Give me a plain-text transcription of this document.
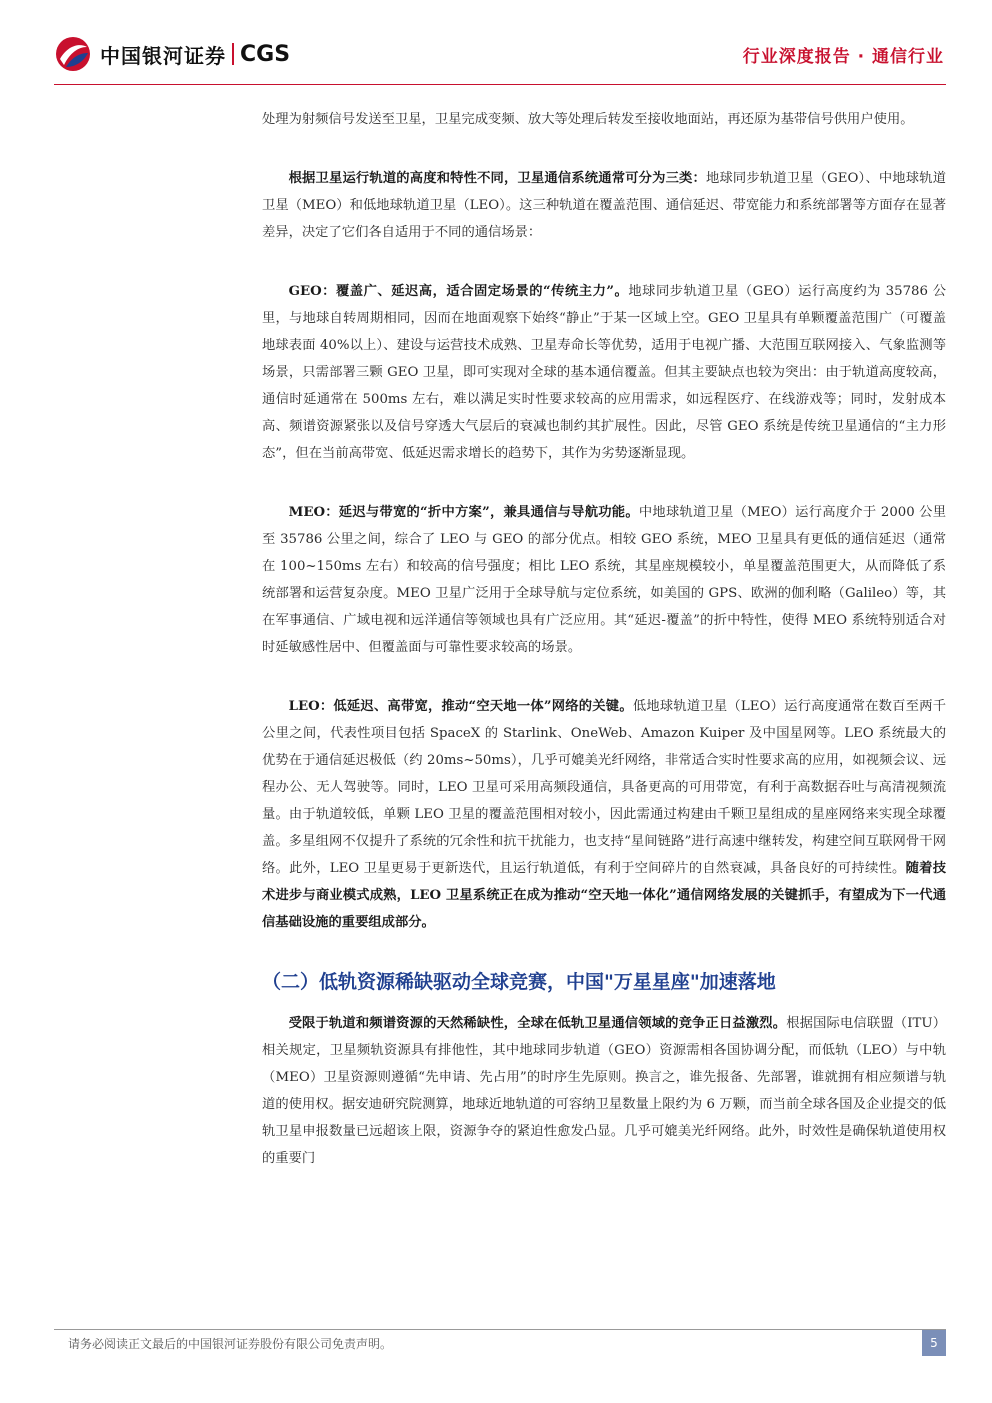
中国银河证券 CGS	行业深度报告 · 通信行业

处理为射频信号发送至卫星，卫星完成变频、放大等处理后转发至接收地面站，再还原为基带信号供用户使用。

根据卫星运行轨道的高度和特性不同，卫星通信系统通常可分为三类：地球同步轨道卫星（GEO）、中地球轨道卫星（MEO）和低地球轨道卫星（LEO）。这三种轨道在覆盖范围、通信延迟、带宽能力和系统部署等方面存在显著差异，决定了它们各自适用于不同的通信场景：

GEO：覆盖广、延迟高，适合固定场景的“传统主力”。地球同步轨道卫星（GEO）运行高度约为 35786 公里，与地球自转周期相同，因而在地面观察下始终“静止”于某一区域上空。GEO 卫星具有单颗覆盖范围广（可覆盖地球表面 40%以上）、建设与运营技术成熟、卫星寿命长等优势，适用于电视广播、大范围互联网接入、气象监测等场景，只需部署三颗 GEO 卫星，即可实现对全球的基本通信覆盖。但其主要缺点也较为突出：由于轨道高度较高，通信时延通常在 500ms 左右，难以满足实时性要求较高的应用需求，如远程医疗、在线游戏等；同时，发射成本高、频谱资源紧张以及信号穿透大气层后的衰减也制约其扩展性。因此，尽管 GEO 系统是传统卫星通信的“主力形态”，但在当前高带宽、低延迟需求增长的趋势下，其作为劣势逐渐显现。

MEO：延迟与带宽的“折中方案”，兼具通信与导航功能。中地球轨道卫星（MEO）运行高度介于 2000 公里至 35786 公里之间，综合了 LEO 与 GEO 的部分优点。相较 GEO 系统，MEO 卫星具有更低的通信延迟（通常在 100~150ms 左右）和较高的信号强度；相比 LEO 系统，其星座规模较小，单星覆盖范围更大，从而降低了系统部署和运营复杂度。MEO 卫星广泛用于全球导航与定位系统，如美国的 GPS、欧洲的伽利略（Galileo）等，其在军事通信、广域电视和远洋通信等领域也具有广泛应用。其“延迟-覆盖”的折中特性，使得 MEO 系统特别适合对时延敏感性居中、但覆盖面与可靠性要求较高的场景。

LEO：低延迟、高带宽，推动“空天地一体”网络的关键。低地球轨道卫星（LEO）运行高度通常在数百至两千公里之间，代表性项目包括 SpaceX 的 Starlink、OneWeb、Amazon Kuiper 及中国星网等。LEO 系统最大的优势在于通信延迟极低（约 20ms~50ms），几乎可媲美光纤网络，非常适合实时性要求高的应用，如视频会议、远程办公、无人驾驶等。同时，LEO 卫星可采用高频段通信，具备更高的可用带宽，有利于高数据吞吐与高清视频流量。由于轨道较低，单颗 LEO 卫星的覆盖范围相对较小，因此需通过构建由千颗卫星组成的星座网络来实现全球覆盖。多星组网不仅提升了系统的冗余性和抗干扰能力，也支持“星间链路”进行高速中继转发，构建空间互联网骨干网络。此外，LEO 卫星更易于更新迭代，且运行轨道低，有利于空间碎片的自然衰减，具备良好的可持续性。随着技术进步与商业模式成熟，LEO 卫星系统正在成为推动“空天地一体化”通信网络发展的关键抓手，有望成为下一代通信基础设施的重要组成部分。

（二）低轨资源稀缺驱动全球竞赛，中国"万星星座"加速落地

受限于轨道和频谱资源的天然稀缺性，全球在低轨卫星通信领域的竞争正日益激烈。根据国际电信联盟（ITU）相关规定，卫星频轨资源具有排他性，其中地球同步轨道（GEO）资源需相各国协调分配，而低轨（LEO）与中轨（MEO）卫星资源则遵循“先申请、先占用”的时序生先原则。换言之，谁先报备、先部署，谁就拥有相应频谱与轨道的使用权。据安迪研究院测算，地球近地轨道的可容纳卫星数量上限约为 6 万颗，而当前全球各国及企业提交的低轨卫星申报数量已远超该上限，资源争夺的紧迫性愈发凸显。几乎可媲美光纤网络。此外，时效性是确保轨道使用权的重要门

请务必阅读正文最后的中国银河证券股份有限公司免责声明。	5
